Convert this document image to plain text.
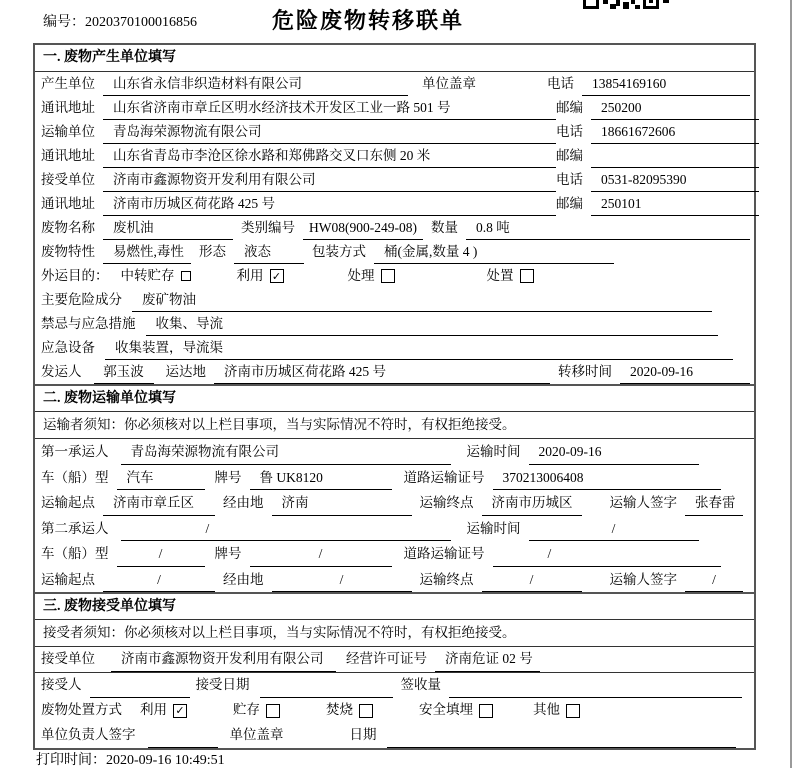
编号：2020370100016856	危险废物转移联单
一. 废物产生单位填写
产生单位	山东省永信非织造材料有限公司	单位盖章	电话	13854169160
通讯地址	山东省济南市章丘区明水经济技术开发区工业一路 501 号	邮编	250200
运输单位	青岛海荣源物流有限公司	电话	18661672606
通讯地址	山东省青岛市李沧区徐水路和郑佛路交叉口东侧 20 米	邮编
接受单位	济南市鑫源物资开发利用有限公司	电话	0531-82095390
通讯地址	济南市历城区荷花路 425 号	邮编	250101
废物名称	废机油	类别编号	HW08(900-249-08)	数量	0.8 吨
废物特性	易燃性,毒性	形态	液态	包装方式	桶(金属,数量 4 )
外运目的： 中转贮存	利用 ✓	处理	处置
主要危险成分	废矿物油
禁忌与应急措施	收集、导流
应急设备	收集装置，导流渠
发运人	郭玉波	运达地	济南市历城区荷花路 425 号	转移时间	2020-09-16
二. 废物运输单位填写
运输者须知：你必须核对以上栏目事项，当与实际情况不符时，有权拒绝接受。
第一承运人	青岛海荣源物流有限公司	运输时间	2020-09-16
车（船）型	汽车	牌号	鲁 UK8120	道路运输证号	370213006408
运输起点	济南市章丘区	经由地	济南	运输终点	济南市历城区	运输人签字	张春雷
第二承运人	/	运输时间	/
车（船）型	/	牌号	/	道路运输证号	/
运输起点	/	经由地	/	运输终点	/	运输人签字	/
三. 废物接受单位填写
接受者须知：你必须核对以上栏目事项，当与实际情况不符时，有权拒绝接受。
接受单位	济南市鑫源物资开发利用有限公司	经营许可证号	济南危证 02 号
接受人	接受日期	签收量
废物处置方式 利用 ✓	贮存	焚烧	安全填埋	其他
单位负责人签字	单位盖章	日期
打印时间：2020-09-16 10:49:51
